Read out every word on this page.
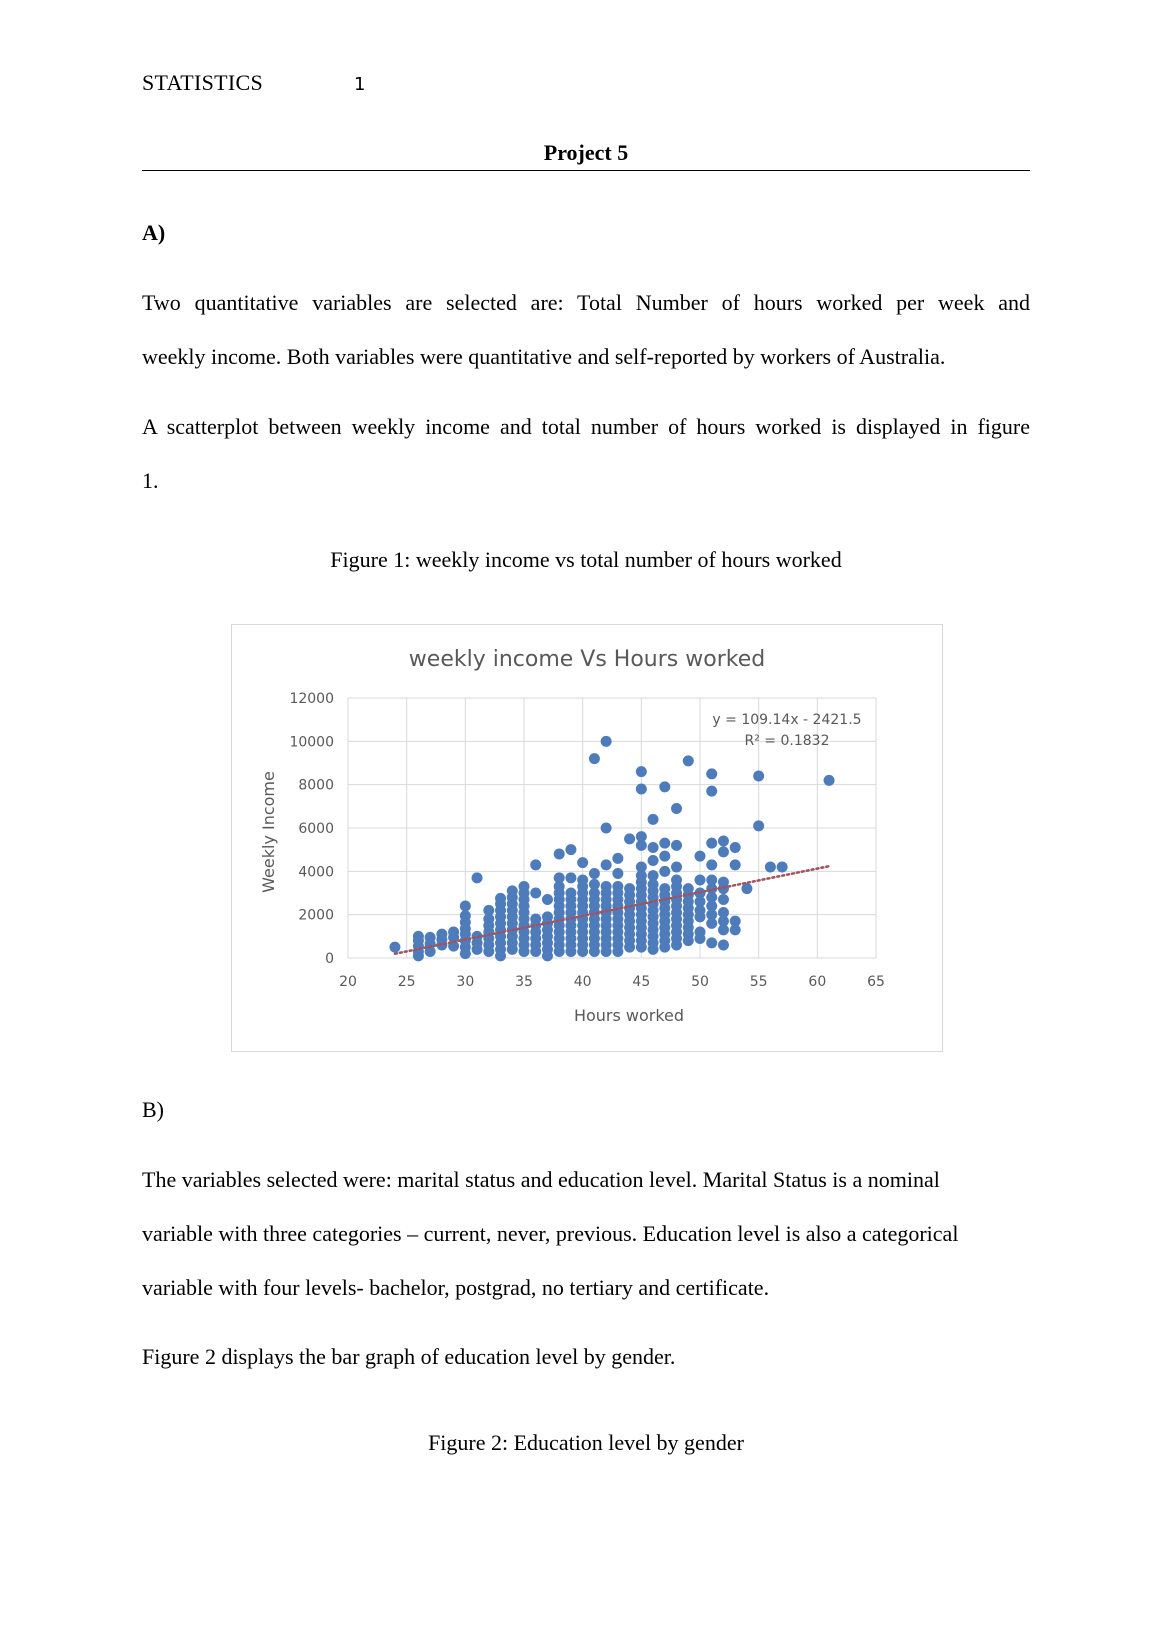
STATISTICS	1
Project 5
A)
Two quantitative variables are selected are: Total Number of hours worked per week and
weekly income. Both variables were quantitative and self-reported by workers of Australia.
A scatterplot between weekly income and total number of hours worked is displayed in figure
1.
Figure 1: weekly income vs total number of hours worked
weekly income Vs Hours worked
0
2000
4000
6000
8000
10000
12000
20	25	30	35	40	45	50	55	60	65
y = 109.14x - 2421.5
R² = 0.1832
Hours worked
Weekly Income
B)
The variables selected were: marital status and education level. Marital Status is a nominal
variable with three categories – current, never, previous. Education level is also a categorical
variable with four levels- bachelor, postgrad, no tertiary and certificate.
Figure 2 displays the bar graph of education level by gender.
Figure 2: Education level by gender
